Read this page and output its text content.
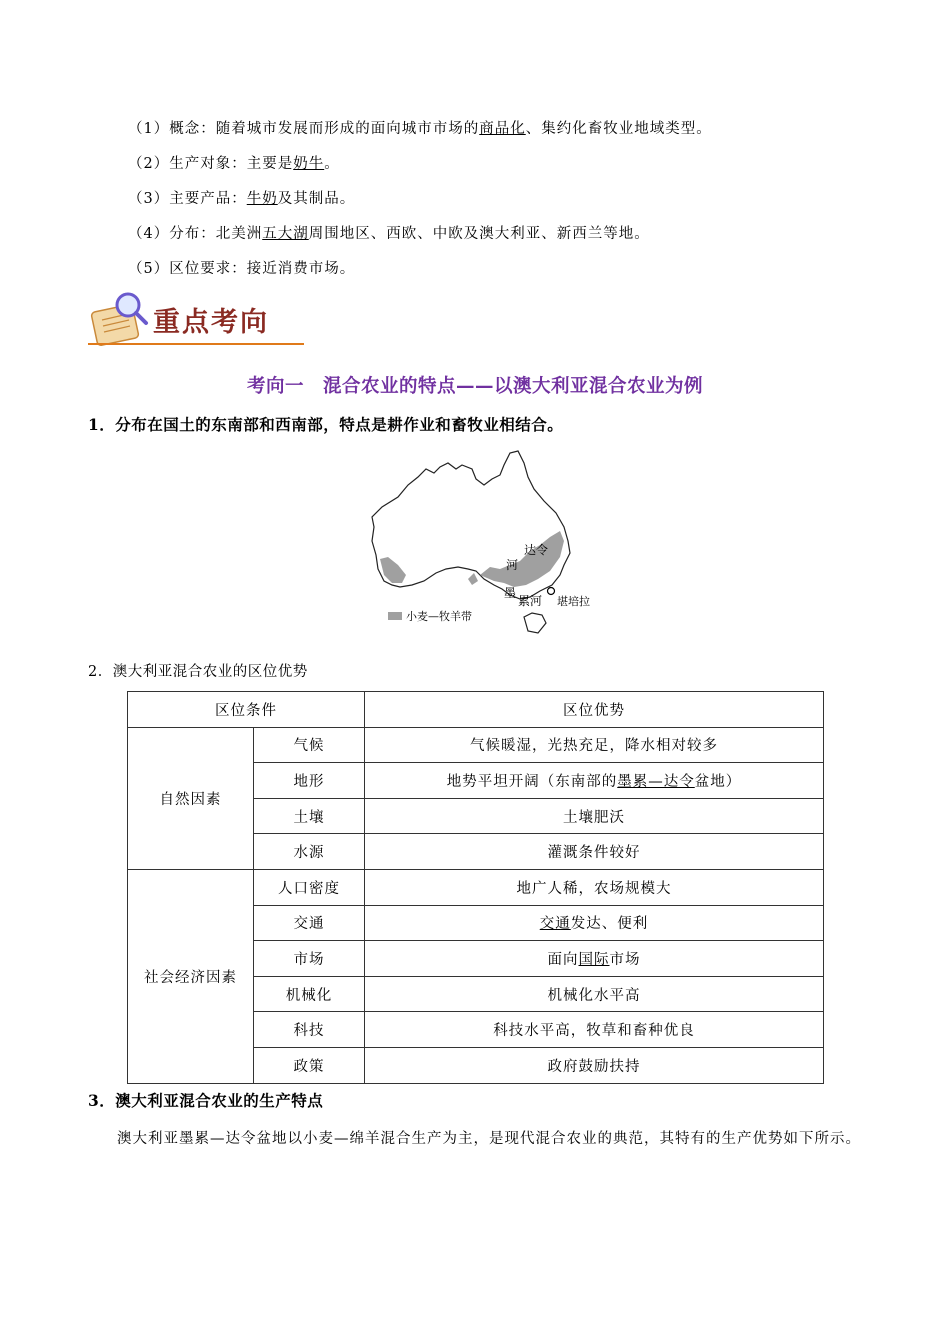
（1）概念：随着城市发展而形成的面向城市市场的商品化、集约化畜牧业地域类型。
（2）生产对象：主要是奶牛。
（3）主要产品：牛奶及其制品。
（4）分布：北美洲五大湖周围地区、西欧、中欧及澳大利亚、新西兰等地。
（5）区位要求：接近消费市场。
重点考向
考向一　混合农业的特点——以澳大利亚混合农业为例
1．分布在国土的东南部和西南部，特点是耕作业和畜牧业相结合。
达令
河
墨
累河 堪培拉
小麦—牧羊带
2．澳大利亚混合农业的区位优势
区位条件		区位优势
自然因素	气候	气候暖湿，光热充足，降水相对较多
	地形	地势平坦开阔（东南部的墨累—达令盆地）
	土壤	土壤肥沃
	水源	灌溉条件较好
社会经济因素	人口密度	地广人稀，农场规模大
	交通	交通发达、便利
	市场	面向国际市场
	机械化	机械化水平高
	科技	科技水平高，牧草和畜种优良
	政策	政府鼓励扶持
3．澳大利亚混合农业的生产特点
澳大利亚墨累—达令盆地以小麦—绵羊混合生产为主，是现代混合农业的典范，其特有的生产优势如下所示。
